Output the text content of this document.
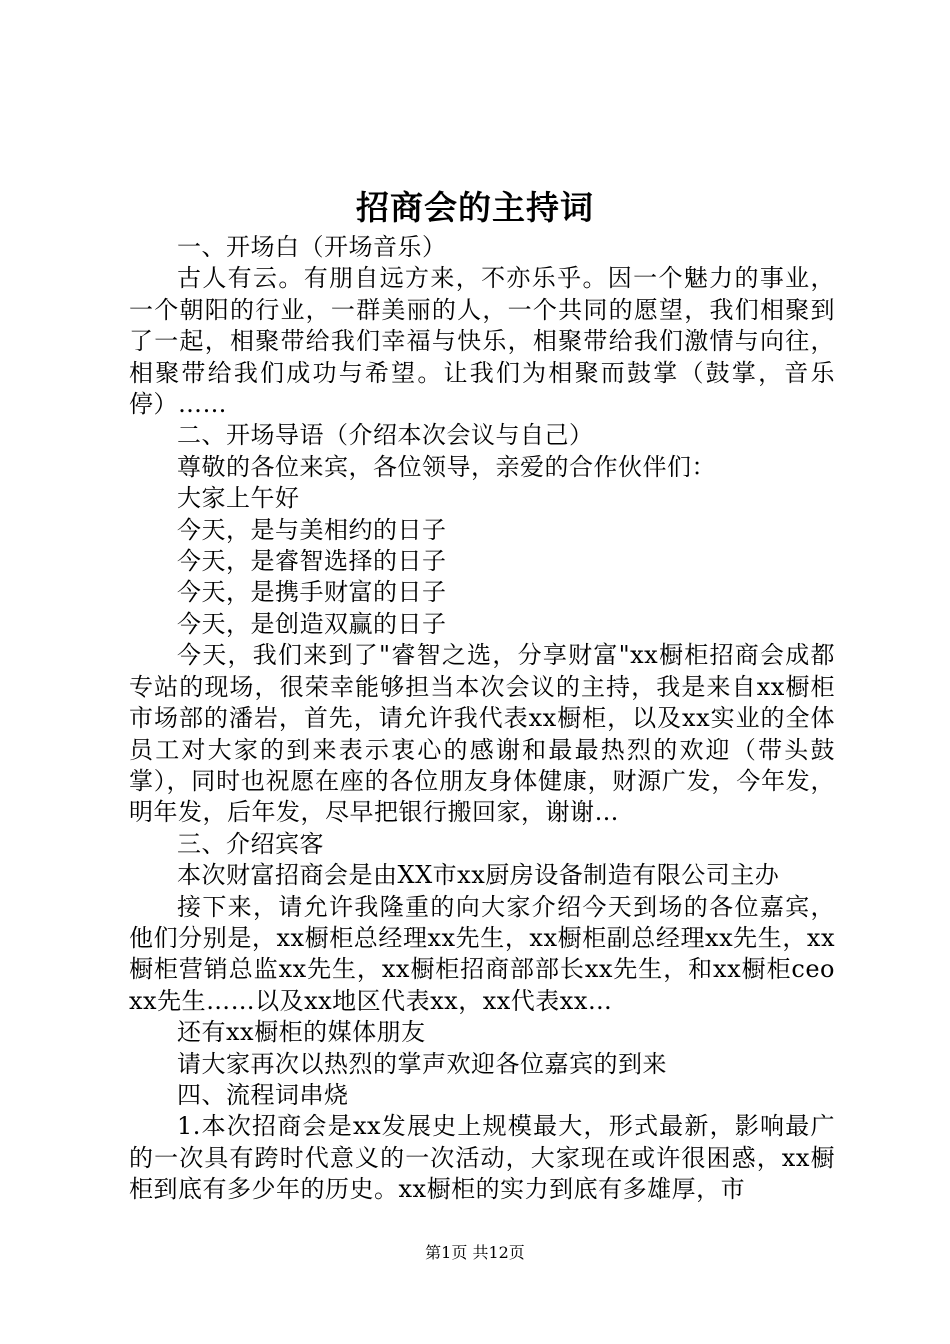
招商会的主持词

一、开场白（开场音乐）

古人有云。有朋自远方来，不亦乐乎。因一个魅力的事业，一个朝阳的行业，一群美丽的人，一个共同的愿望，我们相聚到了一起，相聚带给我们幸福与快乐，相聚带给我们激情与向往，相聚带给我们成功与希望。让我们为相聚而鼓掌（鼓掌，音乐停）……

二、开场导语（介绍本次会议与自己）

尊敬的各位来宾，各位领导，亲爱的合作伙伴们：

大家上午好

今天，是与美相约的日子

今天，是睿智选择的日子

今天，是携手财富的日子

今天，是创造双赢的日子

今天，我们来到了"睿智之选，分享财富"xx橱柜招商会成都专站的现场，很荣幸能够担当本次会议的主持，我是来自xx橱柜市场部的潘岩，首先，请允许我代表xx橱柜，以及xx实业的全体员工对大家的到来表示衷心的感谢和最最热烈的欢迎（带头鼓掌），同时也祝愿在座的各位朋友身体健康，财源广发，今年发，明年发，后年发，尽早把银行搬回家，谢谢…

三、介绍宾客

本次财富招商会是由XX市xx厨房设备制造有限公司主办

接下来，请允许我隆重的向大家介绍今天到场的各位嘉宾，他们分别是，xx橱柜总经理xx先生，xx橱柜副总经理xx先生，xx橱柜营销总监xx先生，xx橱柜招商部部长xx先生，和xx橱柜ceoxx先生……以及xx地区代表xx，xx代表xx…

还有xx橱柜的媒体朋友

请大家再次以热烈的掌声欢迎各位嘉宾的到来

四、流程词串烧

1.本次招商会是xx发展史上规模最大，形式最新，影响最广的一次具有跨时代意义的一次活动，大家现在或许很困惑，xx橱柜到底有多少年的历史。xx橱柜的实力到底有多雄厚，市

第1页 共12页
